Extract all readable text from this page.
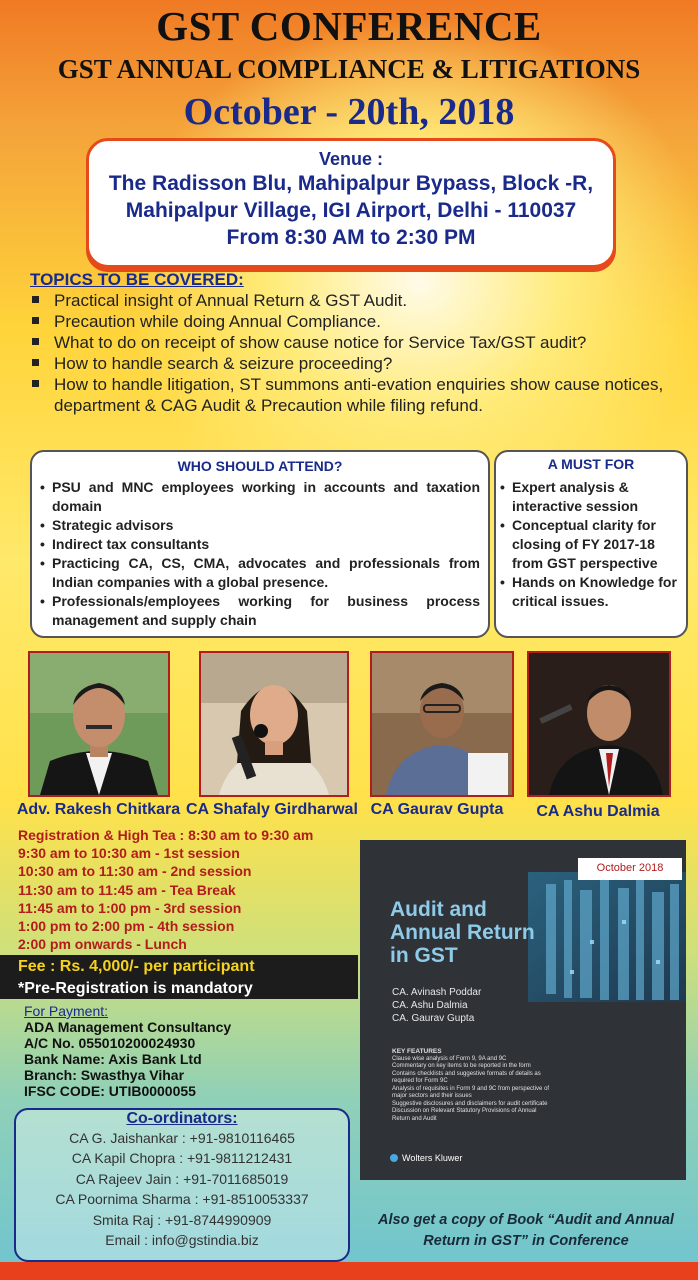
GST CONFERENCE
GST ANNUAL COMPLIANCE & LITIGATIONS
October - 20th, 2018
Venue :
The Radisson Blu, Mahipalpur Bypass, Block -R,
Mahipalpur Village, IGI Airport, Delhi - 110037
From 8:30 AM to 2:30 PM
TOPICS TO BE COVERED:
Practical insight of Annual Return & GST Audit.
Precaution while doing Annual Compliance.
What to do on receipt of show cause notice for Service Tax/GST audit?
How to handle search & seizure proceeding?
How to handle litigation, ST summons anti-evation enquiries show cause notices, department & CAG Audit & Precaution while filing refund.
WHO SHOULD ATTEND?
• PSU and MNC employees working in accounts and taxation domain
• Strategic advisors
• Indirect tax consultants
• Practicing CA, CS, CMA, advocates and professionals from Indian companies with a global presence.
• Professionals/employees working for business process management and supply chain
A MUST FOR
• Expert analysis & interactive session
• Conceptual clarity for closing of FY 2017-18 from GST perspective
• Hands on Knowledge for critical issues.
Adv. Rakesh Chitkara CA Shafaly Girdharwal CA Gaurav Gupta	CA Ashu Dalmia
Registration & High Tea : 8:30 am to 9:30 am
9:30 am to 10:30 am - 1st session
10:30 am to 11:30 am - 2nd session
11:30 am to 11:45 am - Tea Break
11:45 am to 1:00 pm - 3rd session
1:00 pm to 2:00 pm - 4th session
2:00 pm onwards - Lunch
Fee : Rs. 4,000/- per participant
*Pre-Registration is mandatory
For Payment:
ADA Management Consultancy
A/C No. 055010200024930
Bank Name: Axis Bank Ltd
Branch: Swasthya Vihar
IFSC CODE: UTIB0000055
Co-ordinators:
CA G. Jaishankar : +91-9810116465
CA Kapil Chopra : +91-9811212431
CA Rajeev Jain : +91-7011685019
CA Poornima Sharma : +91-8510053337
Smita Raj : +91-8744990909
Email : info@gstindia.biz
October 2018
Audit and
Annual Return
in GST
CA. Avinash Poddar
CA. Ashu Dalmia
CA. Gaurav Gupta
KEY FEATURES
Clause wise analysis of Form 9, 9A and 9C
Commentary on key items to be reported in the form
Contains checklists and suggestive formats of details as required for Form 9C
Analysis of requisites in Form 9 and 9C from perspective of major sectors and their issues
Suggestive disclosures and disclaimers for audit certificate
Discussion on Relevant Statutory Provisions of Annual Return and Audit
Wolters Kluwer
Also get a copy of Book “Audit and Annual
Return in GST” in Conference
